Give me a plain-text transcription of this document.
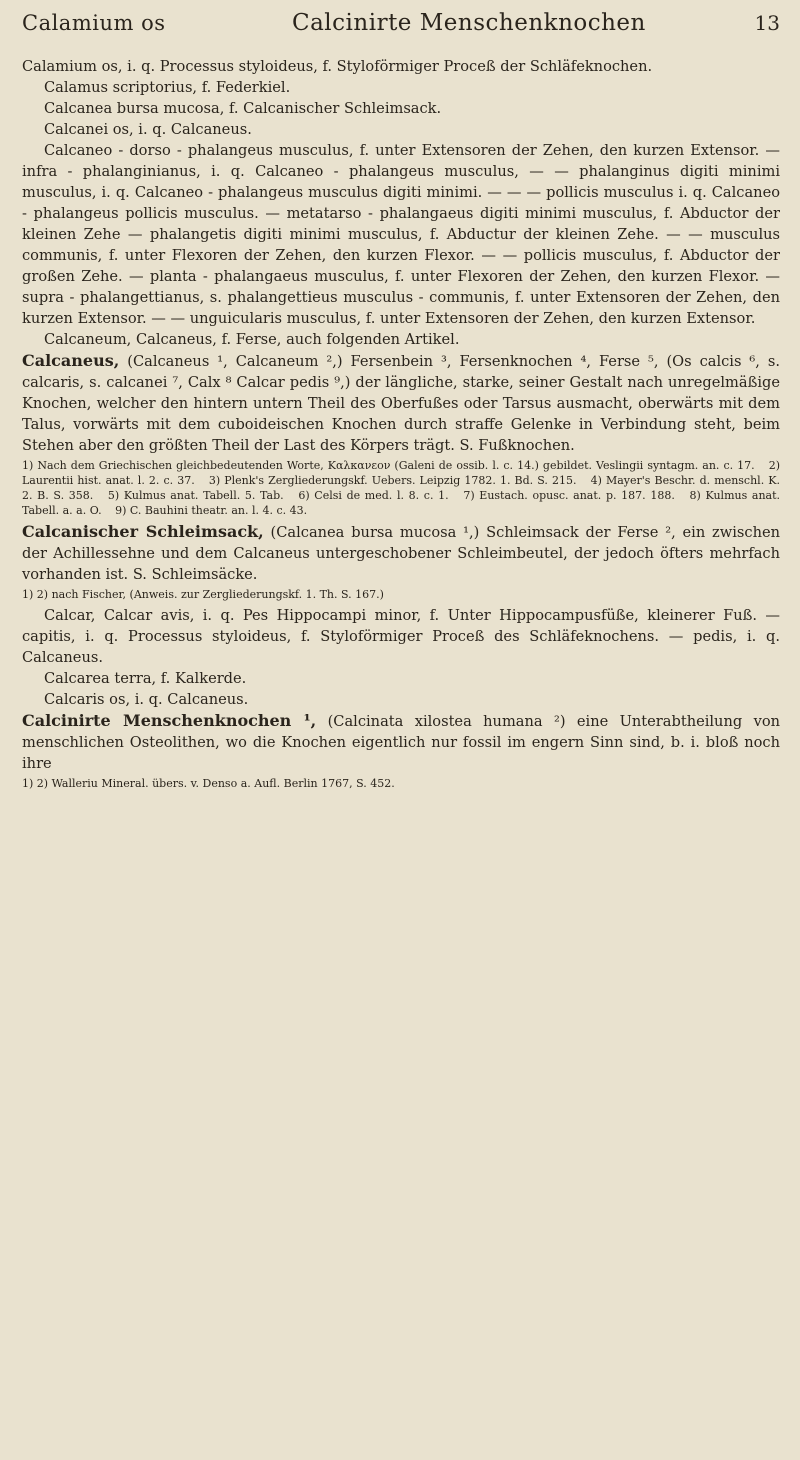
Calamium os	Calcinirte Menschenknochen	13

Calamium os, i. q. Processus styloideus, f. Styloförmiger Proceß der Schläfeknochen.

Calamus scriptorius, f. Federkiel.

Calcanea bursa mucosa, f. Calcanischer Schleimsack.

Calcanei os, i. q. Calcaneus.

Calcaneo - dorso - phalangeus musculus, f. unter Extensoren der Zehen, den kurzen Extensor. — infra - phalanginianus, i. q. Calcaneo - phalangeus musculus, — — phalanginus digiti minimi musculus, i. q. Calcaneo - phalangeus musculus digiti minimi. — — — pollicis musculus i. q. Calcaneo - phalangeus pollicis musculus. — metatarso - phalangaeus digiti minimi musculus, f. Abductor der kleinen Zehe — phalangetis digiti minimi musculus, f. Abductur der kleinen Zehe. — — musculus communis, f. unter Flexoren der Zehen, den kurzen Flexor. — — pollicis musculus, f. Abductor der großen Zehe. — planta - phalangaeus musculus, f. unter Flexoren der Zehen, den kurzen Flexor. — supra - phalangettianus, s. phalangettieus musculus - communis, f. unter Extensoren der Zehen, den kurzen Extensor. — — unguicularis musculus, f. unter Extensoren der Zehen, den kurzen Extensor.

Calcaneum, Calcaneus, f. Ferse, auch folgenden Artikel.

Calcaneus, (Calcaneus ¹, Calcaneum ²,) Fersenbein ³, Fersenknochen ⁴, Ferse ⁵, (Os calcis ⁶, s. calcaris, s. calcanei ⁷, Calx ⁸ Calcar pedis ⁹,) der längliche, starke, seiner Gestalt nach unregelmäßige Knochen, welcher den hintern untern Theil des Oberfußes oder Tarsus ausmacht, oberwärts mit dem Talus, vorwärts mit dem cuboideischen Knochen durch straffe Gelenke in Verbindung steht, beim Stehen aber den größten Theil der Last des Körpers trägt. S. Fußknochen.

1) Nach dem Griechischen gleichbedeutenden Worte, Καλκανεον (Galeni de ossib. l. c. 14.) gebildet. Veslingii syntagm. an. c. 17. 2) Laurentii hist. anat. l. 2. c. 37. 3) Plenk's Zergliederungskf. Uebers. Leipzig 1782. 1. Bd. S. 215. 4) Mayer's Beschr. d. menschl. K. 2. B. S. 358. 5) Kulmus anat. Tabell. 5. Tab. 6) Celsi de med. l. 8. c. 1. 7) Eustach. opusc. anat. p. 187. 188. 8) Kulmus anat. Tabell. a. a. O. 9) C. Bauhini theatr. an. l. 4. c. 43.

Calcanischer Schleimsack, (Calcanea bursa mucosa ¹,) Schleimsack der Ferse ², ein zwischen der Achillessehne und dem Calcaneus untergeschobener Schleimbeutel, der jedoch öfters mehrfach vorhanden ist. S. Schleimsäcke.

1) 2) nach Fischer, (Anweis. zur Zergliederungskf. 1. Th. S. 167.)

Calcar, Calcar avis, i. q. Pes Hippocampi minor, f. Unter Hippocampusfüße, kleinerer Fuß. — capitis, i. q. Processus styloideus, f. Styloförmiger Proceß des Schläfeknochens. — pedis, i. q. Calcaneus.

Calcarea terra, f. Kalkerde.

Calcaris os, i. q. Calcaneus.

Calcinirte Menschenknochen ¹, (Calcinata xilostea humana ²) eine Unterabtheilung von menschlichen Osteolithen, wo die Knochen eigentlich nur fossil im engern Sinn sind, b. i. bloß noch ihre

1) 2) Walleriu Mineral. übers. v. Denso a. Aufl. Berlin 1767, S. 452.
